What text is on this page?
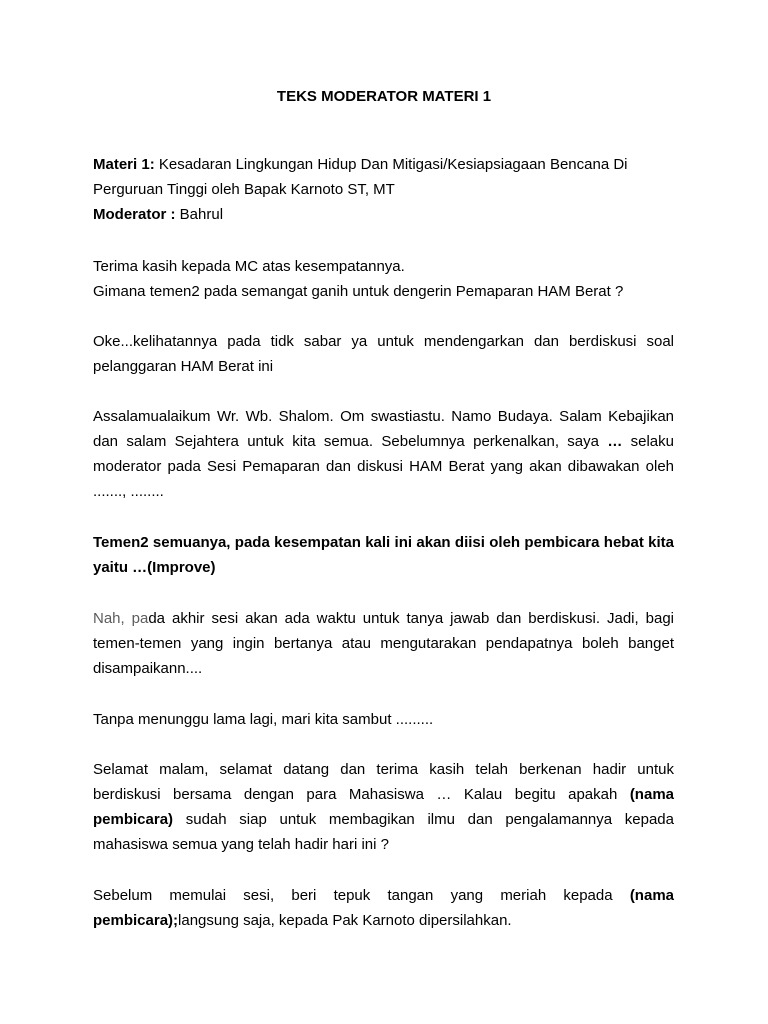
TEKS MODERATOR MATERI 1

Materi 1: Kesadaran Lingkungan Hidup Dan Mitigasi/Kesiapsiagaan Bencana Di Perguruan Tinggi oleh Bapak Karnoto ST, MT

Moderator : Bahrul

Terima kasih kepada MC atas kesempatannya.

Gimana temen2 pada semangat ganih untuk dengerin Pemaparan HAM Berat ?

Oke...kelihatannya pada tidk sabar ya untuk mendengarkan dan berdiskusi soal pelanggaran HAM Berat ini

Assalamualaikum Wr. Wb. Shalom. Om swastiastu. Namo Budaya. Salam Kebajikan dan salam Sejahtera untuk kita semua. Sebelumnya perkenalkan, saya … selaku moderator pada Sesi Pemaparan dan diskusi HAM Berat yang akan dibawakan oleh ......., ........

Temen2 semuanya, pada kesempatan kali ini akan diisi oleh pembicara hebat kita yaitu …(Improve)

Nah, pada akhir sesi akan ada waktu untuk tanya jawab dan berdiskusi. Jadi, bagi temen-temen yang ingin bertanya atau mengutarakan pendapatnya boleh banget disampaikann....

Tanpa menunggu lama lagi, mari kita sambut .........

Selamat malam, selamat datang dan terima kasih telah berkenan hadir untuk berdiskusi bersama dengan para Mahasiswa … Kalau begitu apakah (nama pembicara) sudah siap untuk membagikan ilmu dan pengalamannya kepada mahasiswa semua yang telah hadir hari ini ?

Sebelum memulai sesi, beri tepuk tangan yang meriah kepada (nama pembicara);langsung saja, kepada Pak Karnoto dipersilahkan.
